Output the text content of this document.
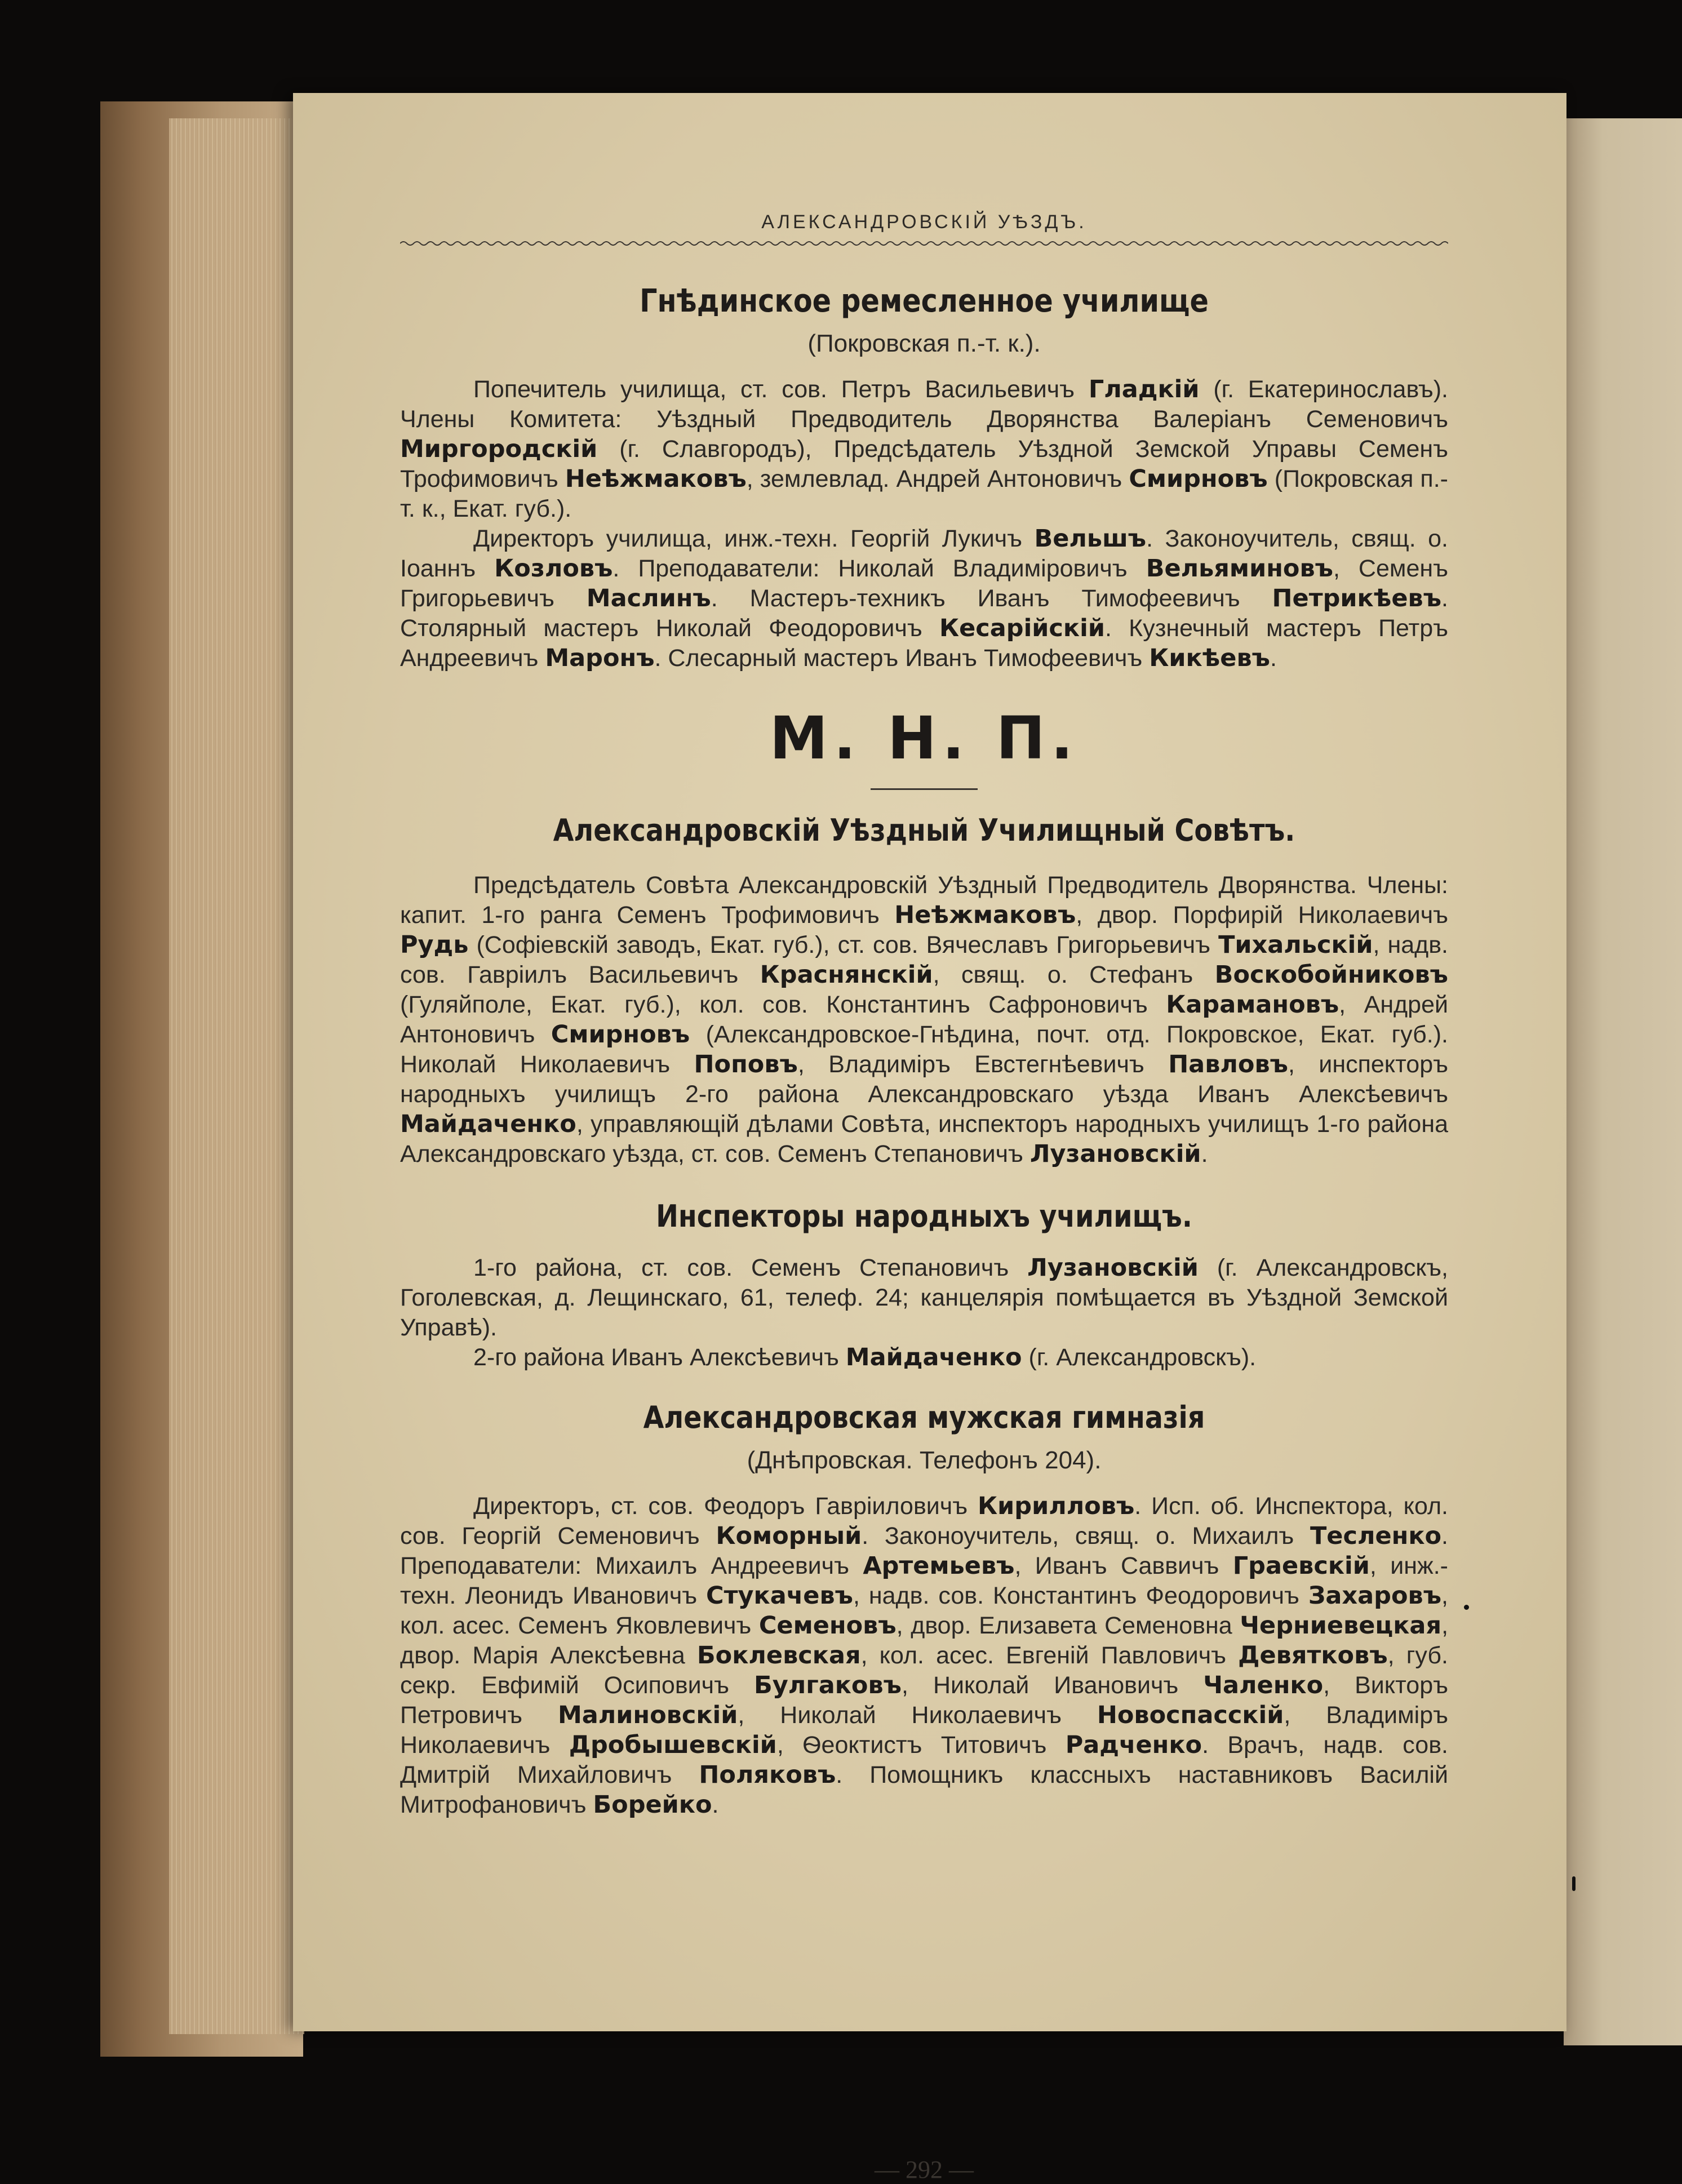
АЛЕКСАНДРОВСКІЙ УѢЗДЪ.
Гнѣдинское ремесленное училище
(Покровская п.-т. к.).

Попечитель училища, ст. сов. Петръ Васильевичъ Гладкій (г. Екатеринославъ). Члены Комитета: Уѣздный Предводитель Дворянства Валеріанъ Семеновичъ Миргородскій (г. Славгородъ), Предсѣдатель Уѣздной Земской Управы Семенъ Трофимовичъ Неѣжмаковъ, землевлад. Андрей Антоновичъ Смирновъ (Покровская п.-т. к., Екат. губ.).

Директоръ училища, инж.-техн. Георгій Лукичъ Вельшъ. Законоучитель, свящ. о. Іоаннъ Козловъ. Преподаватели: Николай Владиміровичъ Вельяминовъ, Семенъ Григорьевичъ Маслинъ. Мастеръ-техникъ Иванъ Тимофеевичъ Петрикѣевъ. Столярный мастеръ Николай Феодоровичъ Кесарійскій. Кузнечный мастеръ Петръ Андреевичъ Маронъ. Слесарный мастеръ Иванъ Тимофеевичъ Кикѣевъ.

М. Н. П.
Александровскій Уѣздный Училищный Совѣтъ.

Предсѣдатель Совѣта Александровскій Уѣздный Предводитель Дворянства. Члены: капит. 1-го ранга Семенъ Трофимовичъ Неѣжмаковъ, двор. Порфирій Николаевичъ Рудь (Софіевскій заводъ, Екат. губ.), ст. сов. Вячеславъ Григорьевичъ Тихальскій, надв. сов. Гавріилъ Васильевичъ Краснянскій, свящ. о. Стефанъ Воскобойниковъ (Гуляйполе, Екат. губ.), кол. сов. Константинъ Сафроновичъ Карамановъ, Андрей Антоновичъ Смирновъ (Александровское-Гнѣдина, почт. отд. Покровское, Екат. губ.). Николай Николаевичъ Поповъ, Владиміръ Евстегнѣевичъ Павловъ, инспекторъ народныхъ училищъ 2-го района Александровскаго уѣзда Иванъ Алексѣевичъ Майдаченко, управляющій дѣлами Совѣта, инспекторъ народныхъ училищъ 1-го района Александровскаго уѣзда, ст. сов. Семенъ Степановичъ Лузановскій.

Инспекторы народныхъ училищъ.

1-го района, ст. сов. Семенъ Степановичъ Лузановскій (г. Александровскъ, Гоголевская, д. Лещинскаго, 61, телеф. 24; канцелярія помѣщается въ Уѣздной Земской Управѣ).

2-го района Иванъ Алексѣевичъ Майдаченко (г. Александровскъ).

Александровская мужская гимназія
(Днѣпровская. Телефонъ 204).

Директоръ, ст. сов. Феодоръ Гавріиловичъ Кирилловъ. Исп. об. Инспектора, кол. сов. Георгій Семеновичъ Коморный. Законоучитель, свящ. о. Михаилъ Тесленко. Преподаватели: Михаилъ Андреевичъ Артемьевъ, Иванъ Саввичъ Граевскій, инж.-техн. Леонидъ Ивановичъ Стукачевъ, надв. сов. Константинъ Феодоровичъ Захаровъ, кол. асес. Семенъ Яковлевичъ Семеновъ, двор. Елизавета Семеновна Черниевецкая, двор. Марія Алексѣевна Боклевская, кол. асес. Евгеній Павловичъ Девятковъ, губ. секр. Евфимій Осиповичъ Булгаковъ, Николай Ивановичъ Чаленко, Викторъ Петровичъ Малиновскій, Николай Николаевичъ Новоспасскій, Владиміръ Николаевичъ Дробышевскій, Ѳеоктистъ Титовичъ Радченко. Врачъ, надв. сов. Дмитрій Михайловичъ Поляковъ. Помощникъ классныхъ наставниковъ Василій Митрофановичъ Борейко.

— 292 —
